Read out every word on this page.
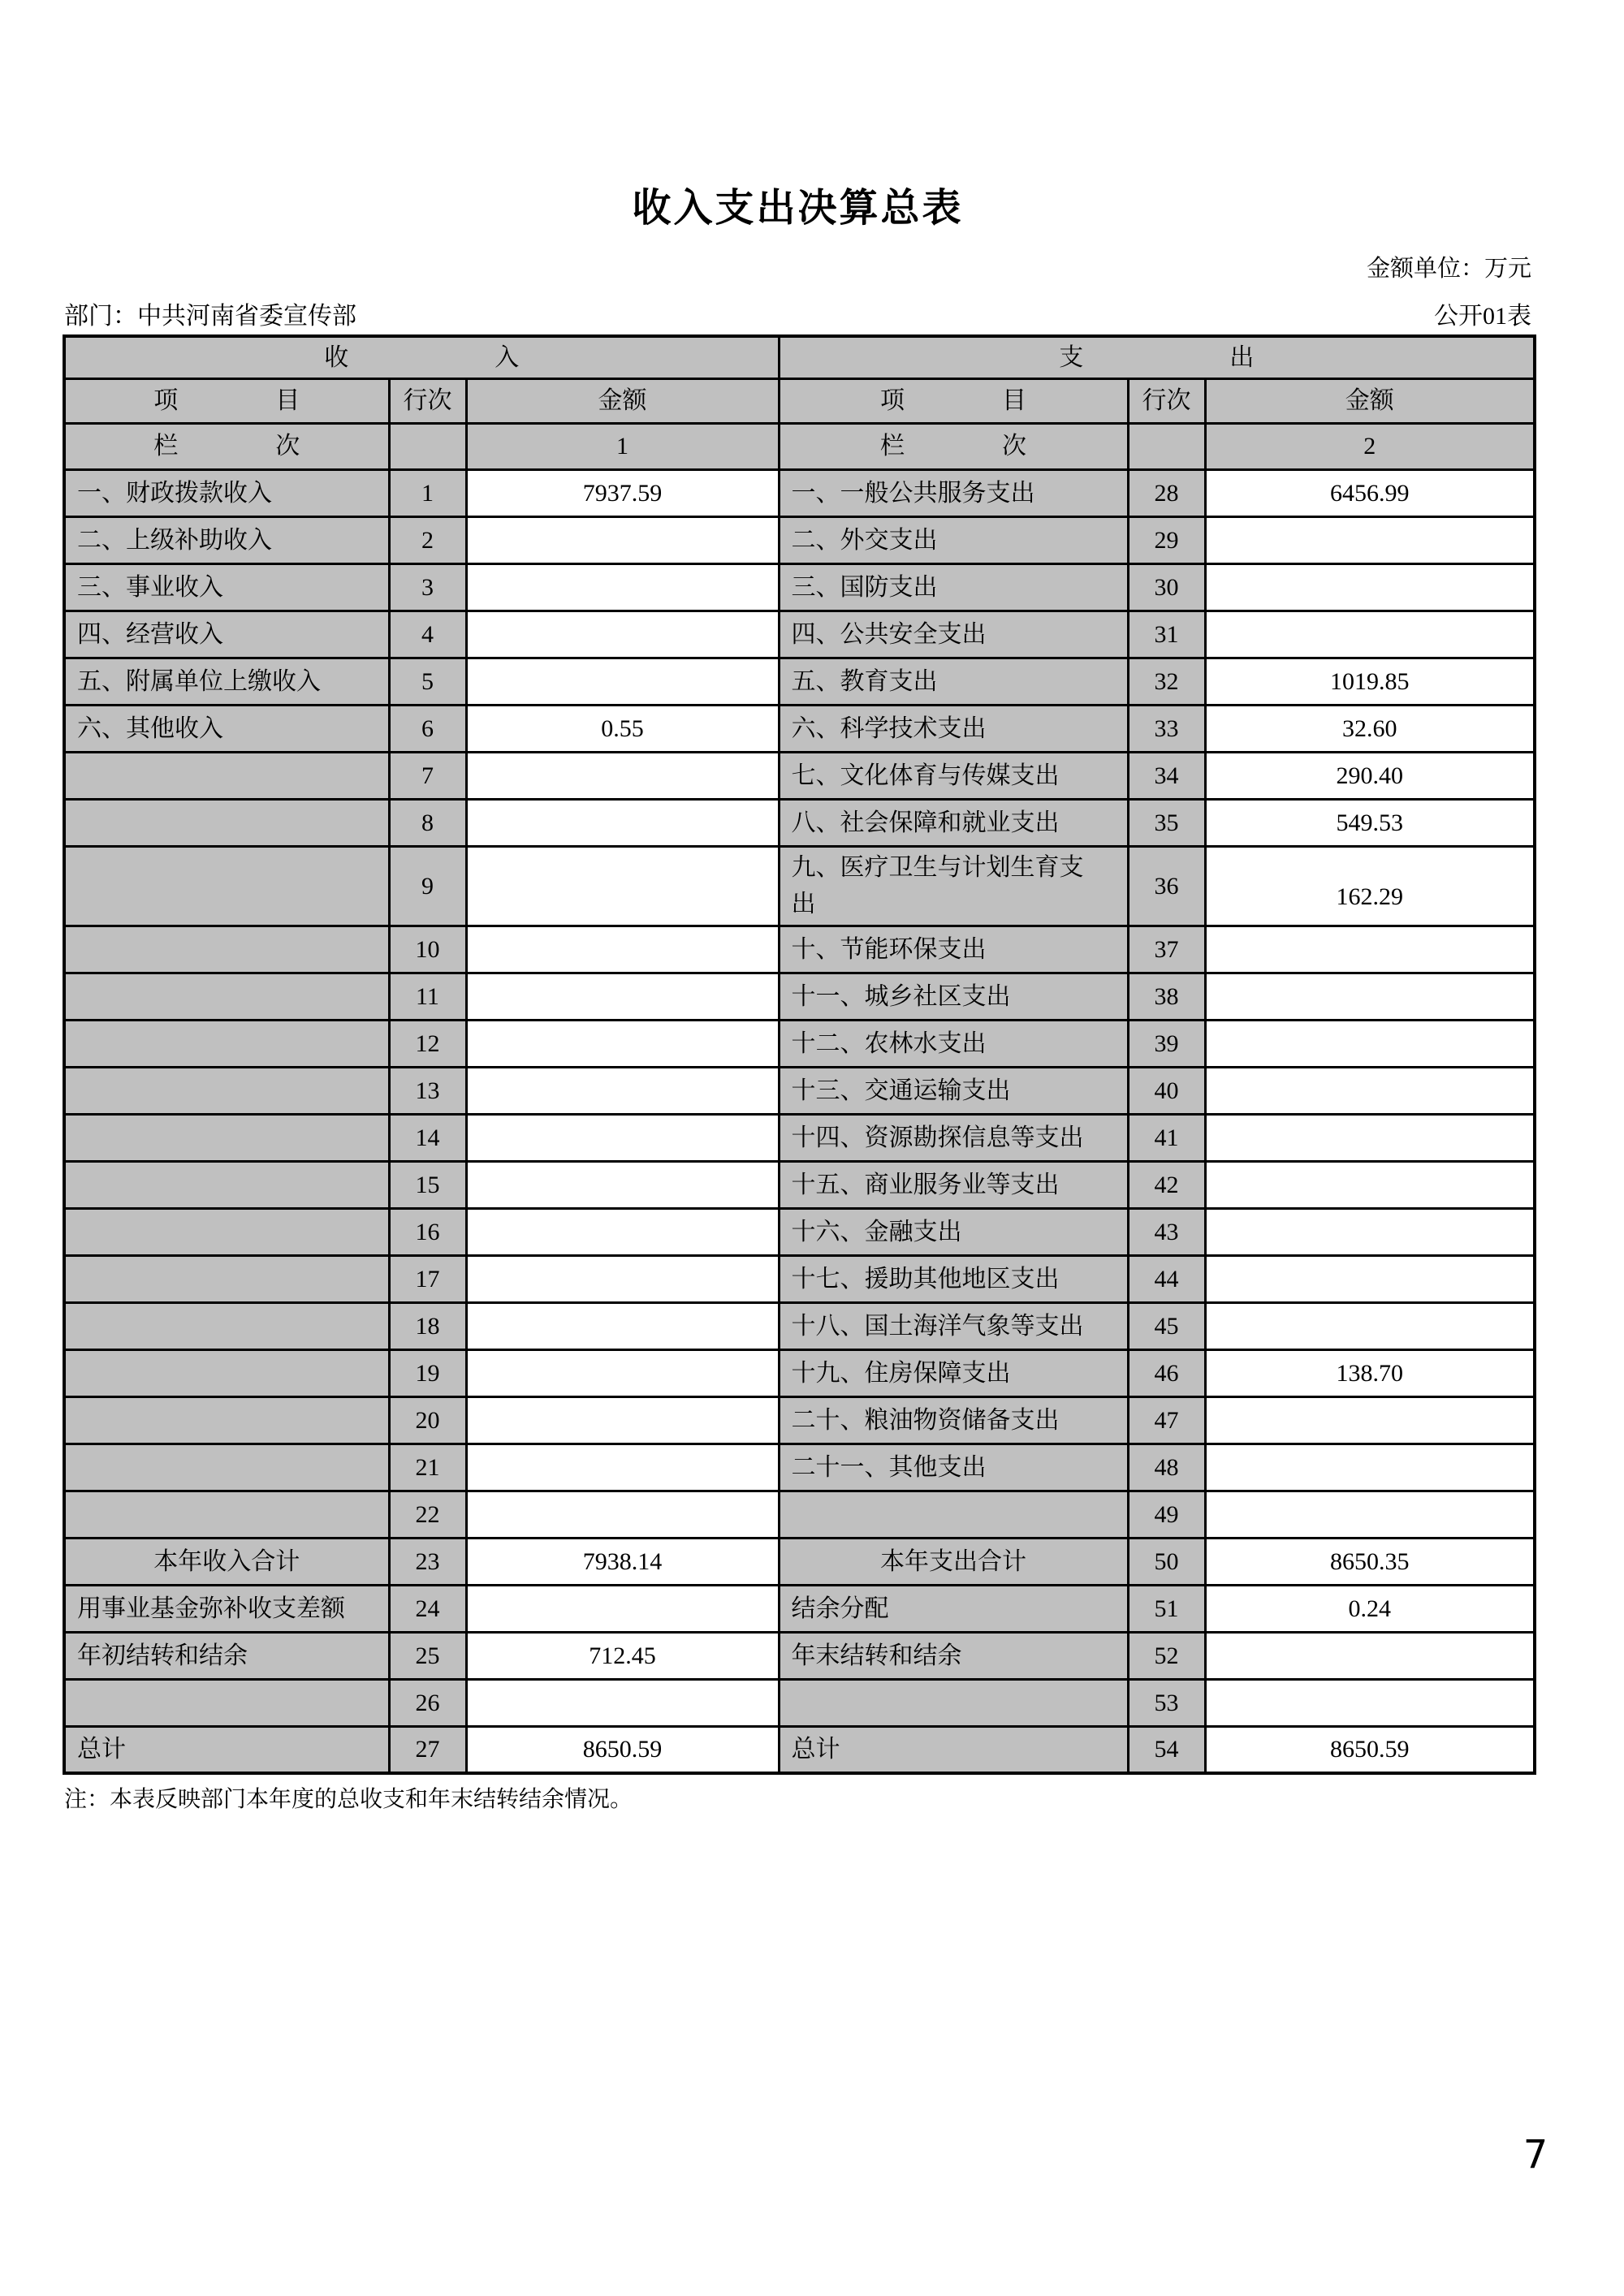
收入支出决算总表
金额单位：万元
部门：中共河南省委宣传部	公开01表
收　　　　　　入			支　　　　　　出		
项　　　　目	行次	金额	项　　　　目	行次	金额
栏　　　　次		1	栏　　　　次		2
一、财政拨款收入	1	7937.59	一、一般公共服务支出	28	6456.99
二、上级补助收入	2		二、外交支出	29	
三、事业收入	3		三、国防支出	30	
四、经营收入	4		四、公共安全支出	31	
五、附属单位上缴收入	5		五、教育支出	32	1019.85
六、其他收入	6	0.55	六、科学技术支出	33	32.60
	7		七、文化体育与传媒支出	34	290.40
	8		八、社会保障和就业支出	35	549.53
	9		九、医疗卫生与计划生育支出	36	162.29
	10		十、节能环保支出	37	
	11		十一、城乡社区支出	38	
	12		十二、农林水支出	39	
	13		十三、交通运输支出	40	
	14		十四、资源勘探信息等支出	41	
	15		十五、商业服务业等支出	42	
	16		十六、金融支出	43	
	17		十七、援助其他地区支出	44	
	18		十八、国土海洋气象等支出	45	
	19		十九、住房保障支出	46	138.70
	20		二十、粮油物资储备支出	47	
	21		二十一、其他支出	48	
	22			49	
本年收入合计	23	7938.14	本年支出合计	50	8650.35
用事业基金弥补收支差额	24		结余分配	51	0.24
年初结转和结余	25	712.45	年末结转和结余	52	
	26			53	
总计	27	8650.59	总计	54	8650.59
注：本表反映部门本年度的总收支和年末结转结余情况。
7
